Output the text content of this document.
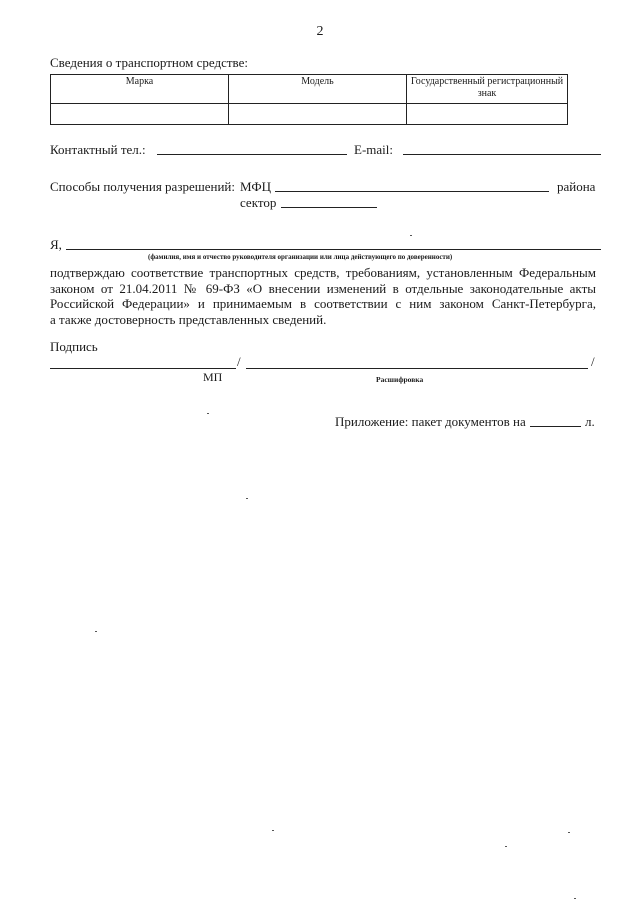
2
Сведения о транспортном средстве:
Марка	Модель	Государственный регистрационный знак

Контактный тел.:	E-mail:
Способы получения разрешений: МФЦ	района
сектор
Я,
(фамилия, имя и отчество руководителя организации или лица действующего по доверенности)
подтверждаю соответствие транспортных средств, требованиям, установленным Федеральным
законом от 21.04.2011 № 69-ФЗ «О внесении изменений в отдельные законодательные акты
Российской Федерации» и принимаемым в соответствии с ним законом Санкт-Петербурга,
а также достоверность представленных сведений.
Подпись
/	/
МП	Расшифровка
Приложение: пакет документов на	л.
